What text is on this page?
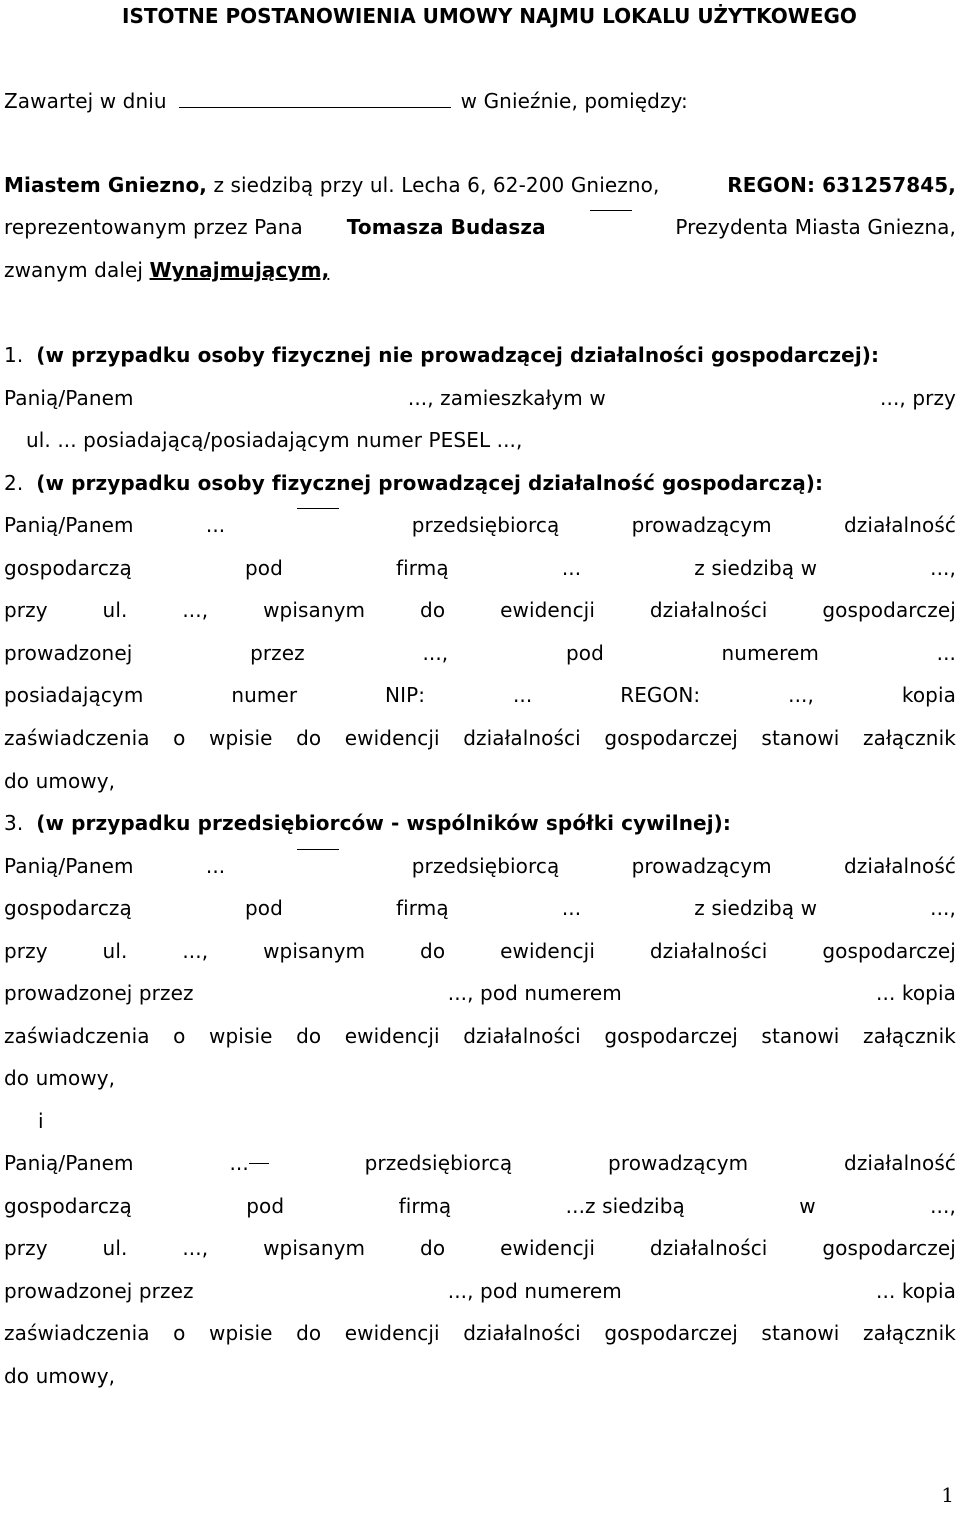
ISTOTNE POSTANOWIENIA UMOWY NAJMU LOKALU UŻYTKOWEGO
Zawartej w dniu	w Gnieźnie, pomiędzy:
Miastem Gniezno, z siedzibą przy ul. Lecha 6, 62-200 Gniezno,	REGON: 631257845,
reprezentowanym przez Pana Tomasza Budasza	Prezydenta Miasta Gniezna,
zwanym dalej Wynajmującym,
1. (w przypadku osoby fizycznej nie prowadzącej działalności gospodarczej):
Panią/Panem	..., zamieszkałym w	..., przy
ul. ... posiadającą/posiadającym numer PESEL ...,
2. (w przypadku osoby fizycznej prowadzącej działalność gospodarczą):
Panią/Panem	...	przedsiębiorcą	prowadzącym	działalność
gospodarczą	pod	firmą	...	z siedzibą w	...,
przy	ul.	...,	wpisanym	do	ewidencji	działalności	gospodarczej
prowadzonej	przez	...,	pod	numerem	...
posiadającym	numer	NIP:	...	REGON:	...,	kopia
zaświadczenia o wpisie do ewidencji działalności gospodarczej stanowi załącznik
do umowy,
3. (w przypadku przedsiębiorców - wspólników spółki cywilnej):
Panią/Panem	...	przedsiębiorcą	prowadzącym	działalność
gospodarczą	pod	firmą	...	z siedzibą w	...,
przy	ul.	...,	wpisanym	do	ewidencji	działalności	gospodarczej
prowadzonej przez	..., pod numerem	... kopia
zaświadczenia o wpisie do ewidencji działalności gospodarczej stanowi załącznik
do umowy,
i
Panią/Panem	...	przedsiębiorcą	prowadzącym	działalność
gospodarczą	pod	firmą	...z siedzibą	w	...,
przy	ul.	...,	wpisanym	do	ewidencji	działalności	gospodarczej
prowadzonej przez	..., pod numerem	... kopia
zaświadczenia o wpisie do ewidencji działalności gospodarczej stanowi załącznik
do umowy,
1
